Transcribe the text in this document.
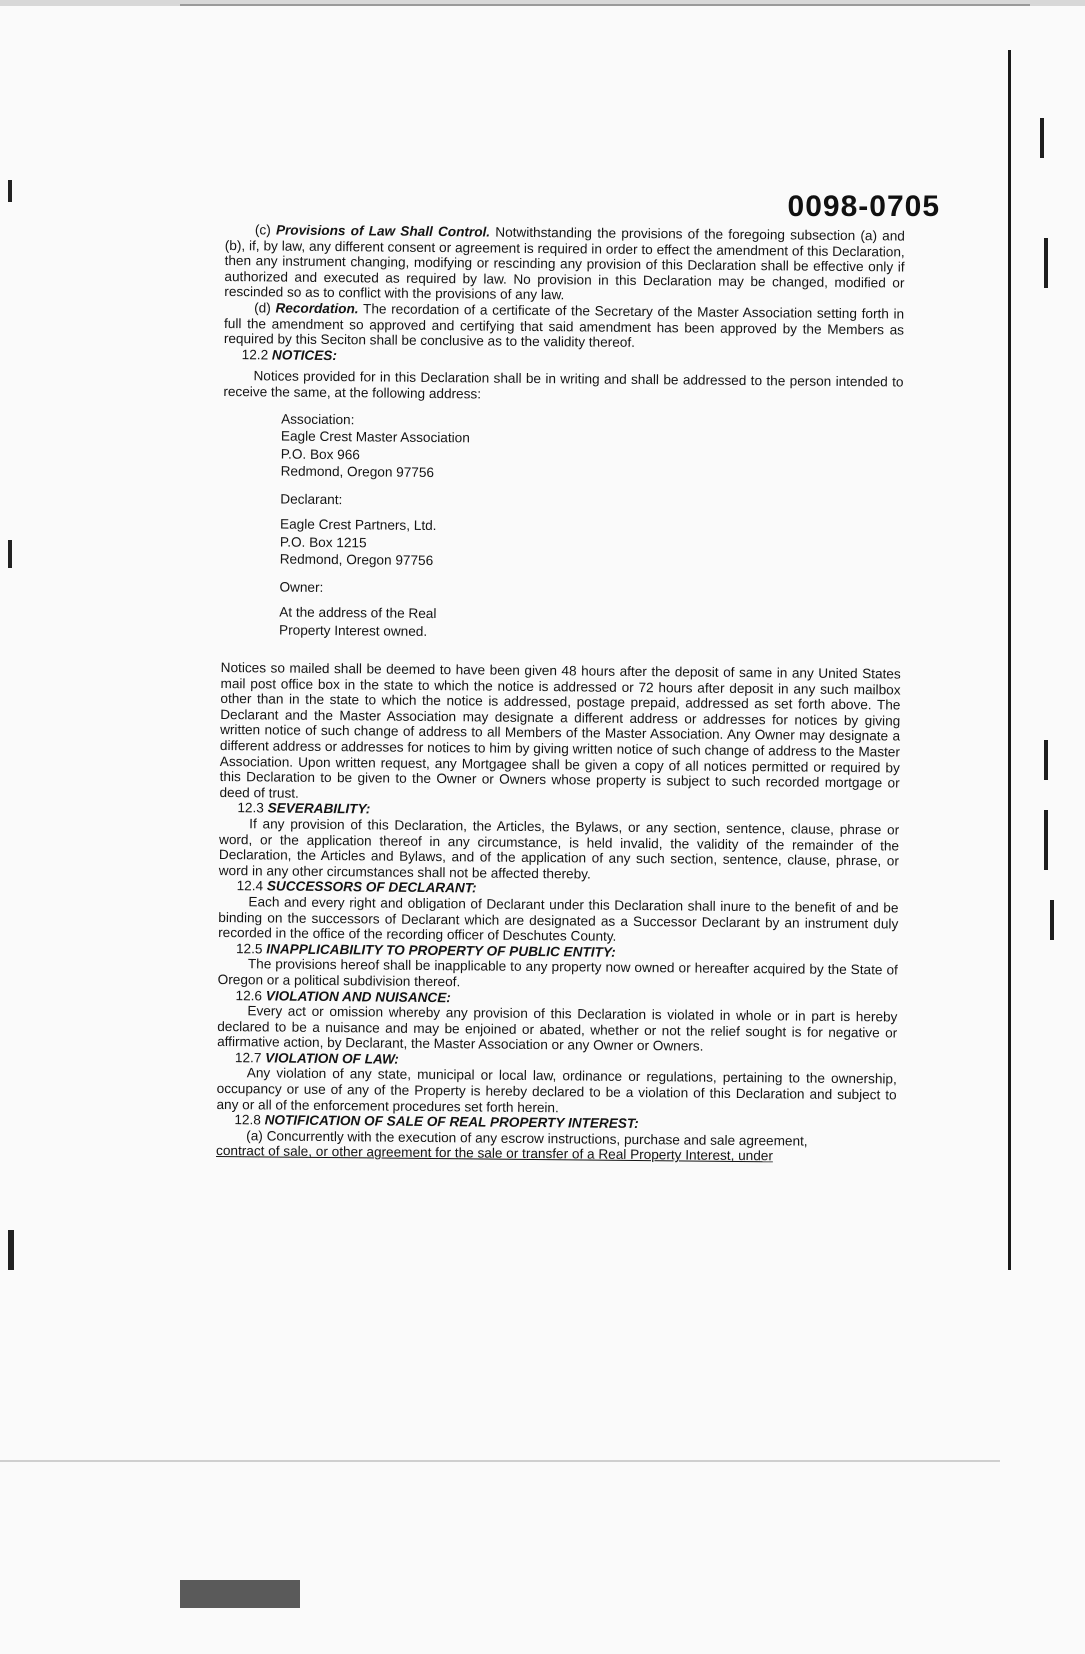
0098-0705

(c) Provisions of Law Shall Control. Notwithstanding the provisions of the foregoing subsection (a) and (b), if, by law, any different consent or agreement is required in order to effect the amendment of this Declaration, then any instrument changing, modifying or rescinding any provision of this Declaration shall be effective only if authorized and executed as required by law. No provision in this Declaration may be changed, modified or rescinded so as to conflict with the provisions of any law.

(d) Recordation. The recordation of a certificate of the Secretary of the Master Association setting forth in full the amendment so approved and certifying that said amendment has been approved by the Members as required by this Seciton shall be conclusive as to the validity thereof.

12.2 NOTICES:

Notices provided for in this Declaration shall be in writing and shall be addressed to the person intended to receive the same, at the following address:

Association:
Eagle Crest Master Association
P.O. Box 966
Redmond, Oregon 97756
Declarant:
Eagle Crest Partners, Ltd.
P.O. Box 1215
Redmond, Oregon 97756
Owner:
At the address of the Real
Property Interest owned.

Notices so mailed shall be deemed to have been given 48 hours after the deposit of same in any United States mail post office box in the state to which the notice is addressed or 72 hours after deposit in any such mailbox other than in the state to which the notice is addressed, postage prepaid, addressed as set forth above. The Declarant and the Master Association may designate a different address or addresses for notices by giving written notice of such change of address to all Members of the Master Association. Any Owner may designate a different address or addresses for notices to him by giving written notice of such change of address to the Master Association. Upon written request, any Mortgagee shall be given a copy of all notices permitted or required by this Declaration to be given to the Owner or Owners whose property is subject to such recorded mortgage or deed of trust.

12.3 SEVERABILITY:

If any provision of this Declaration, the Articles, the Bylaws, or any section, sentence, clause, phrase or word, or the application thereof in any circumstance, is held invalid, the validity of the remainder of the Declaration, the Articles and Bylaws, and of the application of any such section, sentence, clause, phrase, or word in any other circumstances shall not be affected thereby.

12.4 SUCCESSORS OF DECLARANT:

Each and every right and obligation of Declarant under this Declaration shall inure to the benefit of and be binding on the successors of Declarant which are designated as a Successor Declarant by an instrument duly recorded in the office of the recording officer of Deschutes County.

12.5 INAPPLICABILITY TO PROPERTY OF PUBLIC ENTITY:

The provisions hereof shall be inapplicable to any property now owned or hereafter acquired by the State of Oregon or a political subdivision thereof.

12.6 VIOLATION AND NUISANCE:

Every act or omission whereby any provision of this Declaration is violated in whole or in part is hereby declared to be a nuisance and may be enjoined or abated, whether or not the relief sought is for negative or affirmative action, by Declarant, the Master Association or any Owner or Owners.

12.7 VIOLATION OF LAW:

Any violation of any state, municipal or local law, ordinance or regulations, pertaining to the ownership, occupancy or use of any of the Property is hereby declared to be a violation of this Declaration and subject to any or all of the enforcement procedures set forth herein.

12.8 NOTIFICATION OF SALE OF REAL PROPERTY INTEREST:

(a) Concurrently with the execution of any escrow instructions, purchase and sale agreement,

contract of sale, or other agreement for the sale or transfer of a Real Property Interest, under
